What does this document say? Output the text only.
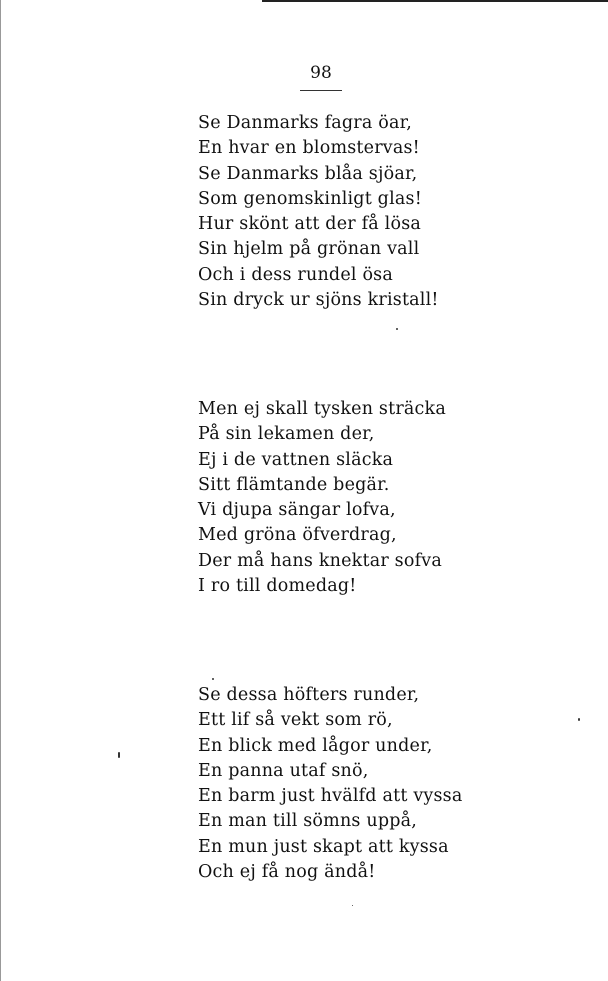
98
Se Danmarks fagra öar,
En hvar en blomstervas!
Se Danmarks blåa sjöar,
Som genomskinligt glas!
Hur skönt att der få lösa
Sin hjelm på grönan vall
Och i dess rundel ösa
Sin dryck ur sjöns kristall!
Men ej skall tysken sträcka
På sin lekamen der,
Ej i de vattnen släcka
Sitt flämtande begär.
Vi djupa sängar lofva,
Med gröna öfverdrag,
Der må hans knektar sofva
I ro till domedag!
Se dessa höfters runder,
Ett lif så vekt som rö,
En blick med lågor under,
En panna utaf snö,
En barm just hvälfd att vyssa
En man till sömns uppå,
En mun just skapt att kyssa
Och ej få nog ändå!
